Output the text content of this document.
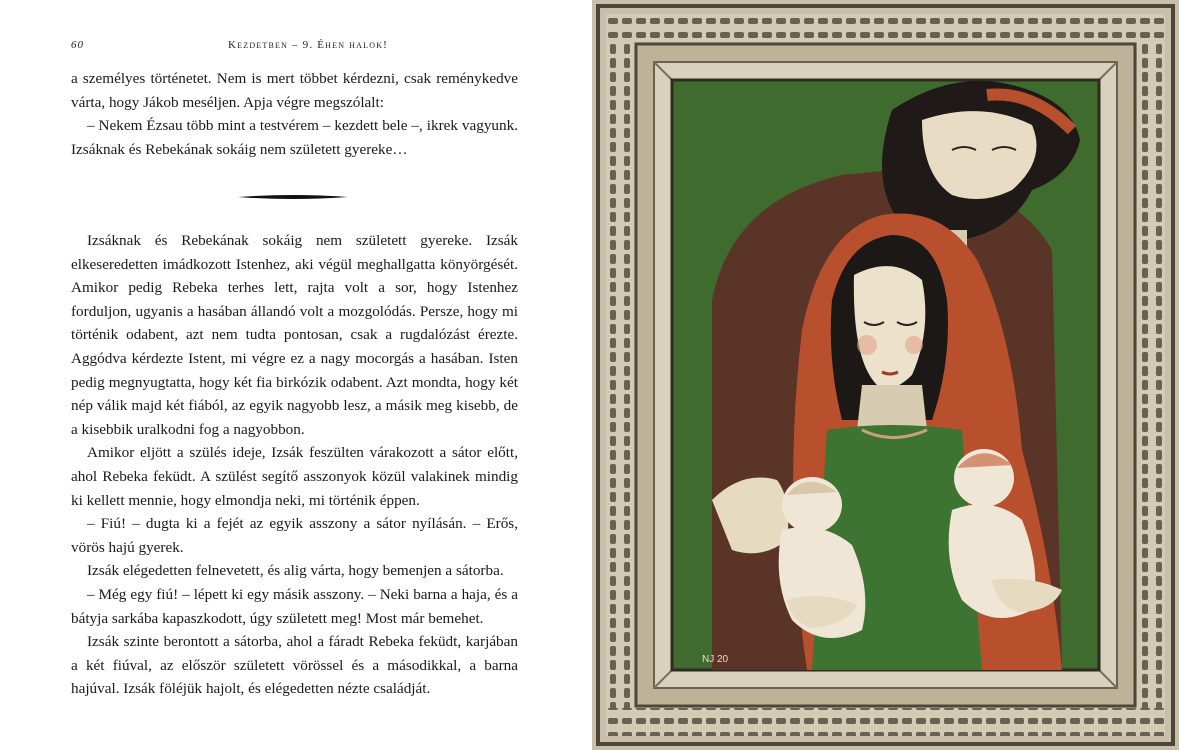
60	Kezdetben – 9. Éhen halok!

a személyes történetet. Nem is mert többet kérdezni, csak reménykedve várta, hogy Jákob meséljen. Apja végre megszólalt:

– Nekem Ézsau több mint a testvérem – kezdett bele –, ikrek vagyunk. Izsáknak és Rebekának sokáig nem született gyereke…

Izsáknak és Rebekának sokáig nem született gyereke. Izsák elkeseredetten imádkozott Istenhez, aki végül meghallgatta könyörgését. Amikor pedig Rebeka terhes lett, rajta volt a sor, hogy Istenhez forduljon, ugyanis a hasában állandó volt a mozgolódás. Persze, hogy mi történik odabent, azt nem tudta pontosan, csak a rugdalózást érezte. Aggódva kérdezte Istent, mi végre ez a nagy mocorgás a hasában. Isten pedig megnyugtatta, hogy két fia birkózik odabent. Azt mondta, hogy két nép válik majd két fiából, az egyik nagyobb lesz, a másik meg kisebb, de a kisebbik uralkodni fog a nagyobbon.

Amikor eljött a szülés ideje, Izsák feszülten várakozott a sátor előtt, ahol Rebeka feküdt. A szülést segítő asszonyok közül valakinek mindig ki kellett mennie, hogy elmondja neki, mi történik éppen.

– Fiú! – dugta ki a fejét az egyik asszony a sátor nyílásán. – Erős, vörös hajú gyerek.

Izsák elégedetten felnevetett, és alig várta, hogy bemenjen a sátorba.

– Még egy fiú! – lépett ki egy másik asszony. – Neki barna a haja, és a bátyja sarkába kapaszkodott, úgy született meg! Most már bemehet.

Izsák szinte berontott a sátorba, ahol a fáradt Rebeka feküdt, karjában a két fiúval, az először született vörössel és a másodikkal, a barna hajúval. Izsák föléjük hajolt, és elégedetten nézte családját.

NJ 20
